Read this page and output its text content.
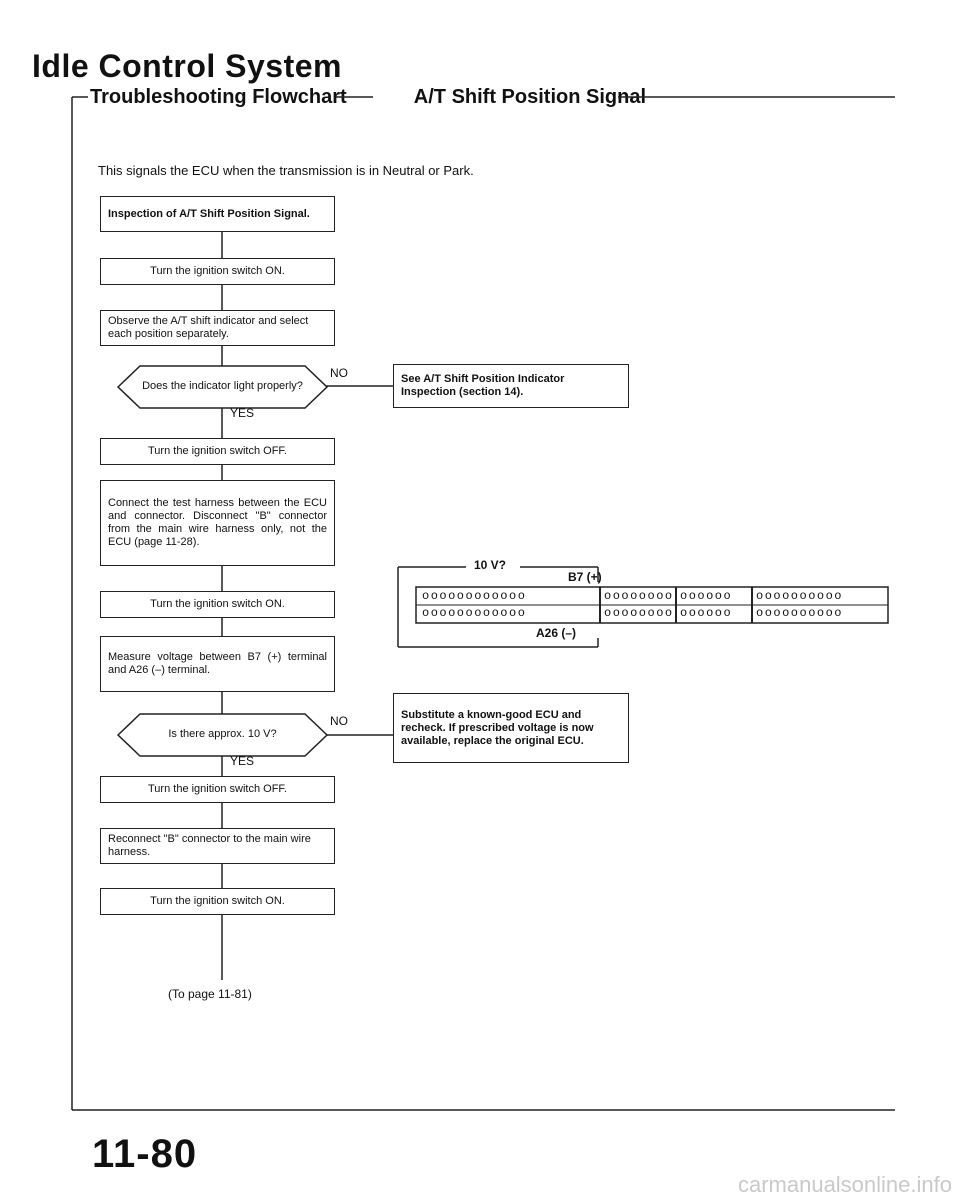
Idle Control System
Troubleshooting Flowchart	A/T Shift Position Signal
This signals the ECU when the transmission is in Neutral or Park.
Inspection of A/T Shift Position Signal.
Turn the ignition switch ON.
Observe the A/T shift indicator and select each position separately.
Does the indicator light properly?
NO
YES
See A/T Shift Position Indicator Inspection (section 14).
Turn the ignition switch OFF.
Connect the test harness between the ECU and connector. Disconnect "B" connector from the main wire harness only, not the ECU (page 11-28).
Turn the ignition switch ON.
Measure voltage between B7 (+) terminal and A26 (–) terminal.
Is there approx. 10 V?
NO
YES
Substitute a known-good ECU and recheck. If prescribed voltage is now available, replace the original ECU.
Turn the ignition switch OFF.
Reconnect "B" connector to the main wire harness.
Turn the ignition switch ON.
(To page 11-81)
10 V?
B7 (+)
A26 (–)
oooooooooooo	oooooooo oooooo oooooooooo
oooooooooooo	oooooooo oooooo oooooooooo
11-80
carmanualsonline.info
